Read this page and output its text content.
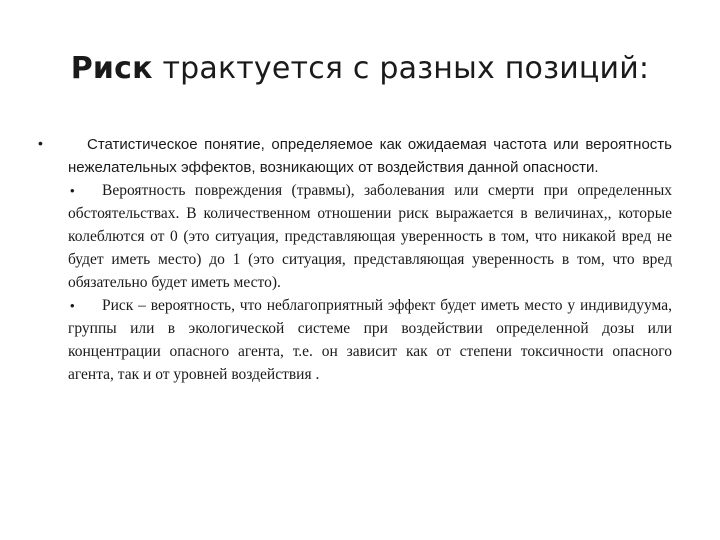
Риск трактуется с разных позиций:
•	Статистическое понятие, определяемое как ожидаемая частота или вероятность нежелательных эффектов, возникающих от воздействия данной опасности.

• Вероятность повреждения (травмы), заболевания или смерти при определенных обстоятельствах. В количественном отношении риск выражается в величинах,, которые колеблются от 0 (это ситуация, представляющая уверенность в том, что никакой вред не будет иметь место) до 1 (это ситуация, представляющая уверенность в том, что вред обязательно будет иметь место).

• Риск – вероятность, что неблагоприятный эффект будет иметь место у индивидуума, группы или в экологической системе при воздействии определенной дозы или концентрации опасного агента, т.е. он зависит как от степени токсичности опасного агента, так и от уровней воздействия .
